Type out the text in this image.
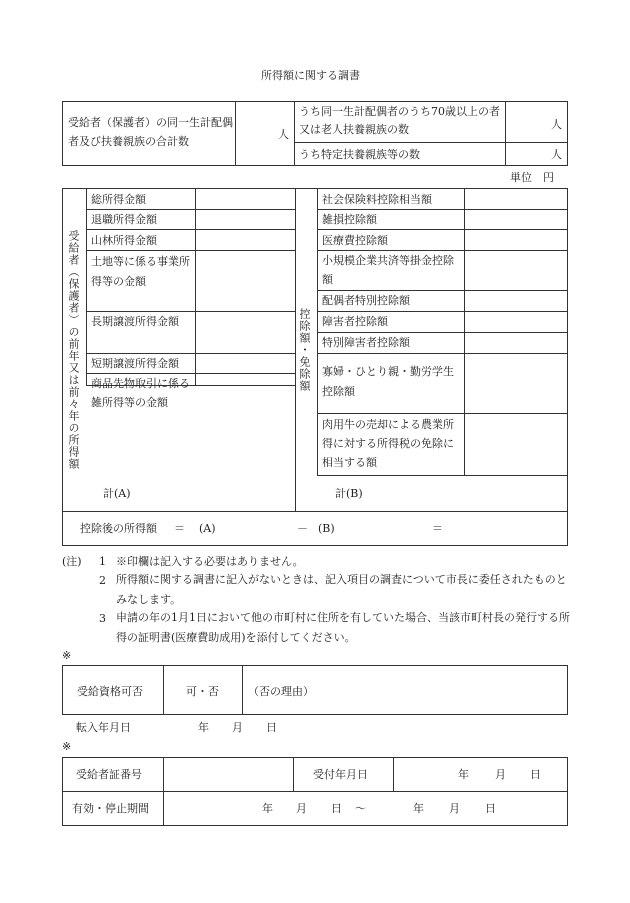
所得額に関する調書
受給者（保護者）の同一生計配偶者及び扶養親族の合計数
人
うち同一生計配偶者のうち70歳以上の者又は老人扶養親族の数	人
うち特定扶養親族等の数	人
単位　円
受給者（保護者）の前年又は前々年の所得額
総所得金額
退職所得金額
山林所得金額
土地等に係る事業所得等の金額
長期譲渡所得金額
短期譲渡所得金額
商品先物取引に係る雑所得等の金額
計(A)
控除額・免除額
社会保険料控除相当額
雑損控除額
医療費控除額
小規模企業共済等掛金控除額
配偶者特別控除額
障害者控除額
特別障害者控除額
寡婦・ひとり親・勤労学生控除額
肉用牛の売却による農業所得に対する所得税の免除に相当する額
計(B)
控除後の所得額 ＝ (A)	－ (B)	＝
(注) 1 ※印欄は記入する必要はありません。
2 所得額に関する調書に記入がないときは、記入項目の調査について市長に委任されたものとみなします。
3 申請の年の1月1日において他の市町村に住所を有していた場合、当該市町村長の発行する所得の証明書(医療費助成用)を添付してください。
※
受給資格可否	可・否	（否の理由）
転入年月日	年 月 日
※
受給者証番号	受付年月日	年 月 日
有効・停止期間	年 月 日 ～	年 月 日
